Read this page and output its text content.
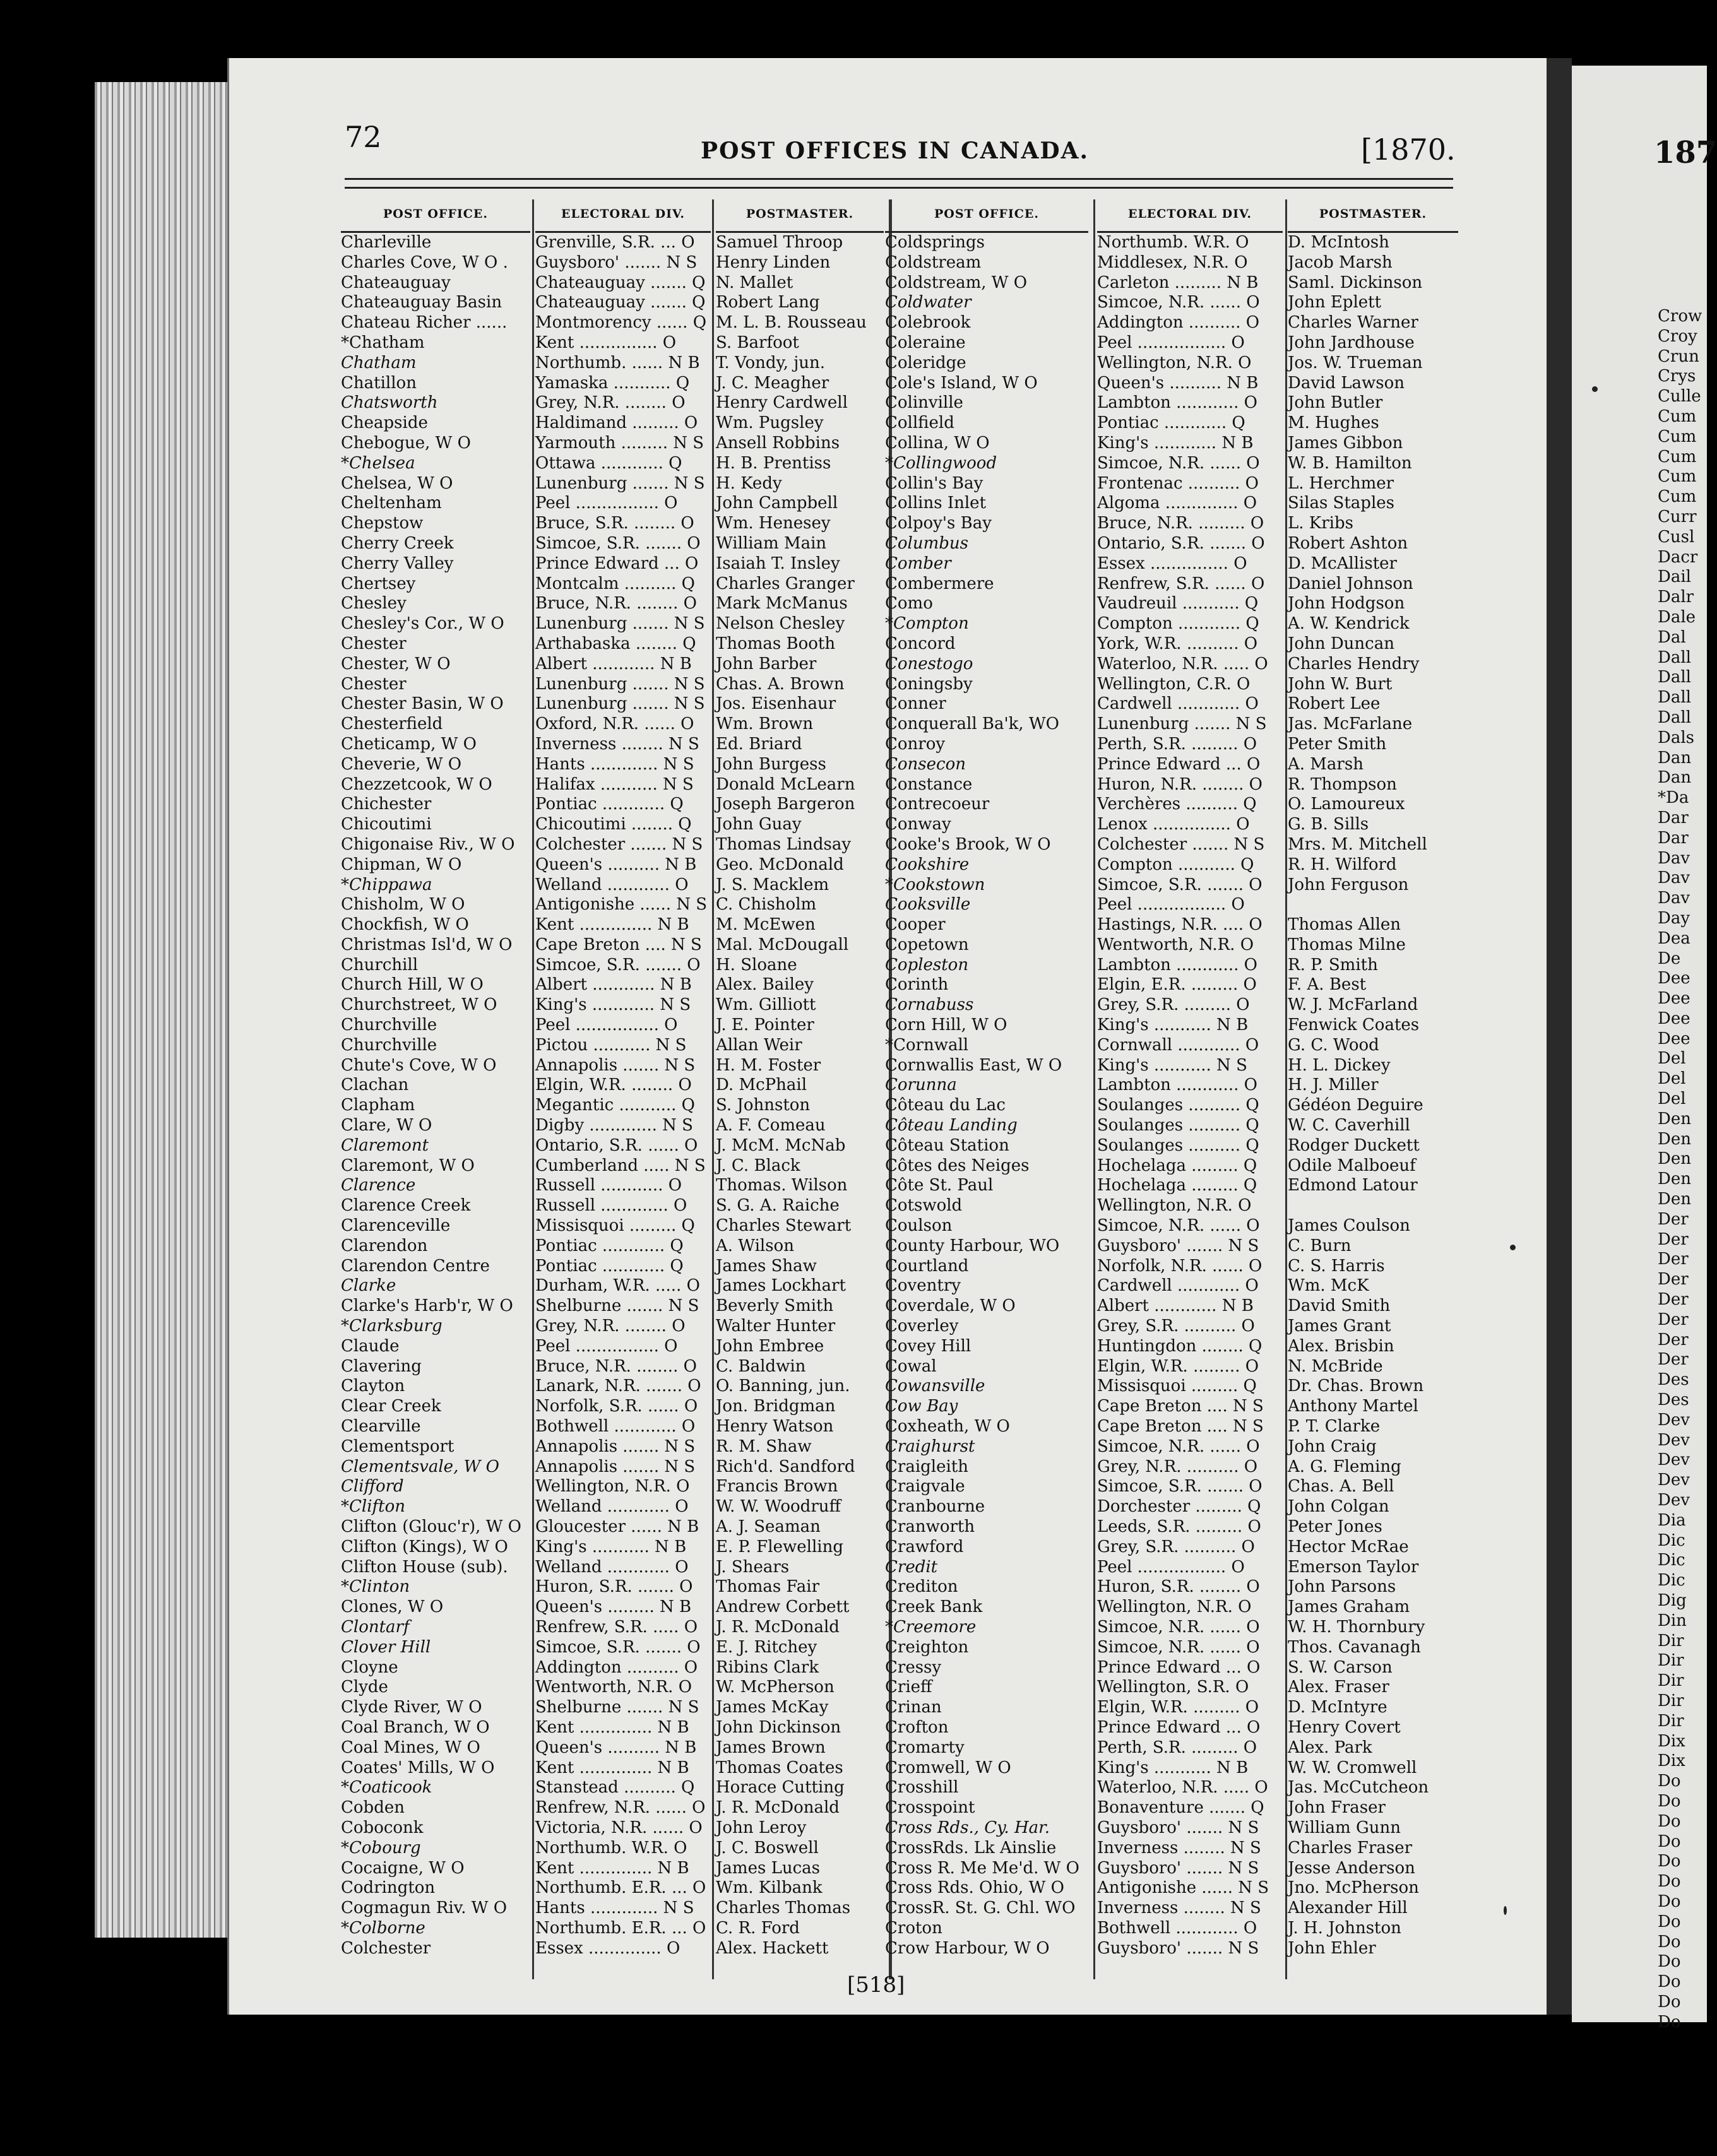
187
Crow
Croy
Crun
Crys
Culle
Cum
Cum
Cum
Cum
Cum
Curr
Cusl
Dacr
Dail
Dalr
Dale
Dal
Dall
Dall
Dall
Dall
Dals
Dan
Dan
*Da
Dar
Dar
Dav
Dav
Dav
Day
Dea
De
Dee
Dee
Dee
Dee
Del
Del
Del
Den
Den
Den
Den
Den
Der
Der
Der
Der
Der
Der
Der
Der
Des
Des
Dev
Dev
Dev
Dev
Dev
Dia
Dic
Dic
Dic
Dig
Din
Dir
Dir
Dir
Dir
Dir
Dix
Dix
Do
Do
Do
Do
Do
Do
Do
Do
Do
Do
Do
Do
Do
72	POST OFFICES IN CANADA.	[1870.
POST OFFICE.
Charleville
Charles Cove, W O .
Chateauguay
Chateauguay Basin
Chateau Richer ......
*Chatham
Chatham
Chatillon
Chatsworth
Cheapside
Chebogue, W O
*Chelsea
Chelsea, W O
Cheltenham
Chepstow
Cherry Creek
Cherry Valley
Chertsey
Chesley
Chesley's Cor., W O
Chester
Chester, W O
Chester
Chester Basin, W O
Chesterfield
Cheticamp, W O
Cheverie, W O
Chezzetcook, W O
Chichester
Chicoutimi
Chigonaise Riv., W O
Chipman, W O
*Chippawa
Chisholm, W O
Chockfish, W O
Christmas Isl'd, W O
Churchill
Church Hill, W O
Churchstreet, W O
Churchville
Churchville
Chute's Cove, W O
Clachan
Clapham
Clare, W O
Claremont
Claremont, W O
Clarence
Clarence Creek
Clarenceville
Clarendon
Clarendon Centre
Clarke
Clarke's Harb'r, W O
*Clarksburg
Claude
Clavering
Clayton
Clear Creek
Clearville
Clementsport
Clementsvale, W O
Clifford
*Clifton
Clifton (Glouc'r), W O
Clifton (Kings), W O
Clifton House (sub).
*Clinton
Clones, W O
Clontarf
Clover Hill
Cloyne
Clyde
Clyde River, W O
Coal Branch, W O
Coal Mines, W O
Coates' Mills, W O
*Coaticook
Cobden
Coboconk
*Cobourg
Cocaigne, W O
Codrington
Cogmagun Riv. W O
*Colborne
Colchester
ELECTORAL DIV.
Grenville, S.R. ... O
Guysboro' ....... N S
Chateauguay ....... Q
Chateauguay ....... Q
Montmorency ...... Q
Kent ............... O
Northumb. ...... N B
Yamaska ........... Q
Grey, N.R. ........ O
Haldimand ......... O
Yarmouth ......... N S
Ottawa ............ Q
Lunenburg ....... N S
Peel ................ O
Bruce, S.R. ........ O
Simcoe, S.R. ....... O
Prince Edward ... O
Montcalm .......... Q
Bruce, N.R. ........ O
Lunenburg ....... N S
Arthabaska ........ Q
Albert ............ N B
Lunenburg ....... N S
Lunenburg ....... N S
Oxford, N.R. ...... O
Inverness ........ N S
Hants ............. N S
Halifax ........... N S
Pontiac ............ Q
Chicoutimi ........ Q
Colchester ....... N S
Queen's .......... N B
Welland ............ O
Antigonishe ...... N S
Kent .............. N B
Cape Breton .... N S
Simcoe, S.R. ....... O
Albert ............ N B
King's ............ N S
Peel ................ O
Pictou ........... N S
Annapolis ....... N S
Elgin, W.R. ........ O
Megantic ........... Q
Digby ............. N S
Ontario, S.R. ...... O
Cumberland ..... N S
Russell ............ O
Russell ............. O
Missisquoi ......... Q
Pontiac ............ Q
Pontiac ............ Q
Durham, W.R. ..... O
Shelburne ....... N S
Grey, N.R. ........ O
Peel ................ O
Bruce, N.R. ........ O
Lanark, N.R. ....... O
Norfolk, S.R. ...... O
Bothwell ............ O
Annapolis ....... N S
Annapolis ....... N S
Wellington, N.R. O
Welland ............ O
Gloucester ...... N B
King's ........... N B
Welland ............ O
Huron, S.R. ....... O
Queen's ......... N B
Renfrew, S.R. ..... O
Simcoe, S.R. ....... O
Addington .......... O
Wentworth, N.R. O
Shelburne ....... N S
Kent .............. N B
Queen's .......... N B
Kent .............. N B
Stanstead .......... Q
Renfrew, N.R. ...... O
Victoria, N.R. ...... O
Northumb. W.R. O
Kent .............. N B
Northumb. E.R. ... O
Hants ............. N S
Northumb. E.R. ... O
Essex .............. O
POSTMASTER.
Samuel Throop
Henry Linden
N. Mallet
Robert Lang
M. L. B. Rousseau
S. Barfoot
T. Vondy, jun.
J. C. Meagher
Henry Cardwell
Wm. Pugsley
Ansell Robbins
H. B. Prentiss
H. Kedy
John Campbell
Wm. Henesey
William Main
Isaiah T. Insley
Charles Granger
Mark McManus
Nelson Chesley
Thomas Booth
John Barber
Chas. A. Brown
Jos. Eisenhaur
Wm. Brown
Ed. Briard
John Burgess
Donald McLearn
Joseph Bargeron
John Guay
Thomas Lindsay
Geo. McDonald
J. S. Macklem
C. Chisholm
M. McEwen
Mal. McDougall
H. Sloane
Alex. Bailey
Wm. Gilliott
J. E. Pointer
Allan Weir
H. M. Foster
D. McPhail
S. Johnston
A. F. Comeau
J. McM. McNab
J. C. Black
Thomas. Wilson
S. G. A. Raiche
Charles Stewart
A. Wilson
James Shaw
James Lockhart
Beverly Smith
Walter Hunter
John Embree
C. Baldwin
O. Banning, jun.
Jon. Bridgman
Henry Watson
R. M. Shaw
Rich'd. Sandford
Francis Brown
W. W. Woodruff
A. J. Seaman
E. P. Flewelling
J. Shears
Thomas Fair
Andrew Corbett
J. R. McDonald
E. J. Ritchey
Ribins Clark
W. McPherson
James McKay
John Dickinson
James Brown
Thomas Coates
Horace Cutting
J. R. McDonald
John Leroy
J. C. Boswell
James Lucas
Wm. Kilbank
Charles Thomas
C. R. Ford
Alex. Hackett
POST OFFICE.
Coldsprings
Coldstream
Coldstream, W O
Coldwater
Colebrook
Coleraine
Coleridge
Cole's Island, W O
Colinville
Collfield
Collina, W O
*Collingwood
Collin's Bay
Collins Inlet
Colpoy's Bay
Columbus
Comber
Combermere
Como
*Compton
Concord
Conestogo
Coningsby
Conner
Conquerall Ba'k, WO
Conroy
Consecon
Constance
Contrecoeur
Conway
Cooke's Brook, W O
Cookshire
*Cookstown
Cooksville
Cooper
Copetown
Copleston
Corinth
Cornabuss
Corn Hill, W O
*Cornwall
Cornwallis East, W O
Corunna
Côteau du Lac
Côteau Landing
Côteau Station
Côtes des Neiges
Côte St. Paul
Cotswold
Coulson
County Harbour, WO
Courtland
Coventry
Coverdale, W O
Coverley
Covey Hill
Cowal
Cowansville
Cow Bay
Coxheath, W O
Craighurst
Craigleith
Craigvale
Cranbourne
Cranworth
Crawford
Credit
Crediton
Creek Bank
*Creemore
Creighton
Cressy
Crieff
Crinan
Crofton
Cromarty
Cromwell, W O
Crosshill
Crosspoint
Cross Rds., Cy. Har.
CrossRds. Lk Ainslie
Cross R. Me Me'd. W O
Cross Rds. Ohio, W O
CrossR. St. G. Chl. WO
Croton
Crow Harbour, W O
ELECTORAL DIV.
Northumb. W.R. O
Middlesex, N.R. O
Carleton ......... N B
Simcoe, N.R. ...... O
Addington .......... O
Peel ................. O
Wellington, N.R. O
Queen's .......... N B
Lambton ............ O
Pontiac ............ Q
King's ............ N B
Simcoe, N.R. ...... O
Frontenac .......... O
Algoma .............. O
Bruce, N.R. ......... O
Ontario, S.R. ....... O
Essex ............... O
Renfrew, S.R. ...... O
Vaudreuil ........... Q
Compton ............ Q
York, W.R. .......... O
Waterloo, N.R. ..... O
Wellington, C.R. O
Cardwell ............ O
Lunenburg ....... N S
Perth, S.R. ......... O
Prince Edward ... O
Huron, N.R. ........ O
Verchères .......... Q
Lenox ............... O
Colchester ....... N S
Compton ........... Q
Simcoe, S.R. ....... O
Peel ................. O
Hastings, N.R. .... O
Wentworth, N.R. O
Lambton ............ O
Elgin, E.R. ......... O
Grey, S.R. ......... O
King's ........... N B
Cornwall ............ O
King's ........... N S
Lambton ............ O
Soulanges .......... Q
Soulanges .......... Q
Soulanges .......... Q
Hochelaga ......... Q
Hochelaga ......... Q
Wellington, N.R. O
Simcoe, N.R. ...... O
Guysboro' ....... N S
Norfolk, N.R. ...... O
Cardwell ............ O
Albert ............ N B
Grey, S.R. .......... O
Huntingdon ........ Q
Elgin, W.R. ......... O
Missisquoi ......... Q
Cape Breton .... N S
Cape Breton .... N S
Simcoe, N.R. ...... O
Grey, N.R. .......... O
Simcoe, S.R. ....... O
Dorchester ......... Q
Leeds, S.R. ......... O
Grey, S.R. .......... O
Peel ................. O
Huron, S.R. ........ O
Wellington, N.R. O
Simcoe, N.R. ...... O
Simcoe, N.R. ...... O
Prince Edward ... O
Wellington, S.R. O
Elgin, W.R. ......... O
Prince Edward ... O
Perth, S.R. ......... O
King's ........... N B
Waterloo, N.R. ..... O
Bonaventure ....... Q
Guysboro' ....... N S
Inverness ........ N S
Guysboro' ....... N S
Antigonishe ...... N S
Inverness ........ N S
Bothwell ............ O
Guysboro' ....... N S
POSTMASTER.
D. McIntosh
Jacob Marsh
Saml. Dickinson
John Eplett
Charles Warner
John Jardhouse
Jos. W. Trueman
David Lawson
John Butler
M. Hughes
James Gibbon
W. B. Hamilton
L. Herchmer
Silas Staples
L. Kribs
Robert Ashton
D. McAllister
Daniel Johnson
John Hodgson
A. W. Kendrick
John Duncan
Charles Hendry
John W. Burt
Robert Lee
Jas. McFarlane
Peter Smith
A. Marsh
R. Thompson
O. Lamoureux
G. B. Sills
Mrs. M. Mitchell
R. H. Wilford
John Ferguson
Thomas Allen
Thomas Milne
R. P. Smith
F. A. Best
W. J. McFarland
Fenwick Coates
G. C. Wood
H. L. Dickey
H. J. Miller
Gédéon Deguire
W. C. Caverhill
Rodger Duckett
Odile Malboeuf
Edmond Latour
James Coulson
C. Burn
C. S. Harris
Wm. McK
David Smith
James Grant
Alex. Brisbin
N. McBride
Dr. Chas. Brown
Anthony Martel
P. T. Clarke
John Craig
A. G. Fleming
Chas. A. Bell
John Colgan
Peter Jones
Hector McRae
Emerson Taylor
John Parsons
James Graham
W. H. Thornbury
Thos. Cavanagh
S. W. Carson
Alex. Fraser
D. McIntyre
Henry Covert
Alex. Park
W. W. Cromwell
Jas. McCutcheon
John Fraser
William Gunn
Charles Fraser
Jesse Anderson
Jno. McPherson
Alexander Hill
J. H. Johnston
John Ehler
[518]
